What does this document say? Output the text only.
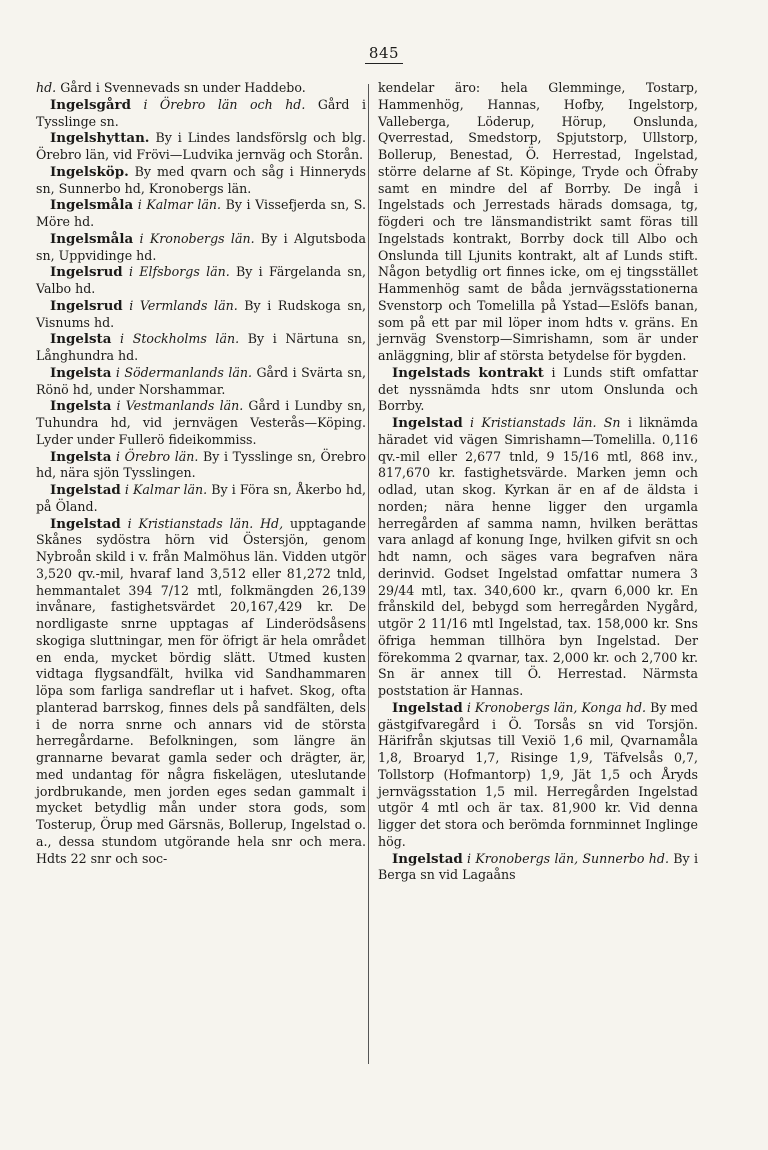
845

hd. Gård i Svennevads sn under Haddebo.

Ingelsgård i Örebro län och hd. Gård i Tysslinge sn.

Ingelshyttan. By i Lindes landsförslg och blg. Örebro län, vid Frövi—Ludvika jernväg och Storån.

Ingelsköp. By med qvarn och såg i Hinneryds sn, Sunnerbo hd, Kronobergs län.

Ingelsmåla i Kalmar län. By i Vissefjerda sn, S. Möre hd.

Ingelsmåla i Kronobergs län. By i Algutsboda sn, Uppvidinge hd.

Ingelsrud i Elfsborgs län. By i Färgelanda sn, Valbo hd.

Ingelsrud i Vermlands län. By i Rudskoga sn, Visnums hd.

Ingelsta i Stockholms län. By i Närtuna sn, Långhundra hd.

Ingelsta i Södermanlands län. Gård i Svärta sn, Rönö hd, under Norshammar.

Ingelsta i Vestmanlands län. Gård i Lundby sn, Tuhundra hd, vid jernvägen Vesterås—Köping. Lyder under Fullerö fideikommiss.

Ingelsta i Örebro län. By i Tysslinge sn, Örebro hd, nära sjön Tysslingen.

Ingelstad i Kalmar län. By i Föra sn, Åkerbo hd, på Öland.

Ingelstad i Kristianstads län. Hd, upptagande Skånes sydöstra hörn vid Östersjön, genom Nybroån skild i v. från Malmöhus län. Vidden utgör 3,520 qv.-mil, hvaraf land 3,512 eller 81,272 tnld, hemmantalet 394 7/12 mtl, folkmängden 26,139 invånare, fastighetsvärdet 20,167,429 kr. De nordligaste snrne upptagas af Linderödsåsens skogiga sluttningar, men för öfrigt är hela området en enda, mycket bördig slätt. Utmed kusten vidtaga flygsandfält, hvilka vid Sandhammaren löpa som farliga sandreflar ut i hafvet. Skog, ofta planterad barrskog, finnes dels på sandfälten, dels i de norra snrne och annars vid de största herregårdarne. Befolkningen, som längre än grannarne bevarat gamla seder och drägter, är, med undantag för några fiskelägen, uteslutande jordbrukande, men jorden eges sedan gammalt i mycket betydlig mån under stora gods, som Tosterup, Örup med Gärsnäs, Bollerup, Ingelstad o. a., dessa stundom utgörande hela snr och mera. Hdts 22 snr och soc-

kendelar äro: hela Glemminge, Tostarp, Hammenhög, Hannas, Hofby, Ingelstorp, Valleberga, Löderup, Hörup, Onslunda, Qverrestad, Smedstorp, Spjutstorp, Ullstorp, Bollerup, Benestad, Ö. Herrestad, Ingelstad, större delarne af St. Köpinge, Tryde och Öfraby samt en mindre del af Borrby. De ingå i Ingelstads och Jerrestads härads domsaga, tg, fögderi och tre länsmandistrikt samt föras till Ingelstads kontrakt, Borrby dock till Albo och Onslunda till Ljunits kontrakt, alt af Lunds stift. Någon betydlig ort finnes icke, om ej tingsstället Hammenhög samt de båda jernvägsstationerna Svenstorp och Tomelilla på Ystad—Eslöfs banan, som på ett par mil löper inom hdts v. gräns. En jernväg Svenstorp—Simrishamn, som är under anläggning, blir af största betydelse för bygden.

Ingelstads kontrakt i Lunds stift omfattar det nyssnämda hdts snr utom Onslunda och Borrby.

Ingelstad i Kristianstads län. Sn i liknämda häradet vid vägen Simrishamn—Tomelilla. 0,116 qv.-mil eller 2,677 tnld, 9 15/16 mtl, 868 inv., 817,670 kr. fastighetsvärde. Marken jemn och odlad, utan skog. Kyrkan är en af de äldsta i norden; nära henne ligger den urgamla herregården af samma namn, hvilken berättas vara anlagd af konung Inge, hvilken gifvit sn och hdt namn, och säges vara begrafven nära derinvid. Godset Ingelstad omfattar numera 3 29/44 mtl, tax. 340,600 kr., qvarn 6,000 kr. En frånskild del, bebygd som herregården Nygård, utgör 2 11/16 mtl Ingelstad, tax. 158,000 kr. Sns öfriga hemman tillhöra byn Ingelstad. Der förekomma 2 qvarnar, tax. 2,000 kr. och 2,700 kr. Sn är annex till Ö. Herrestad. Närmsta poststation är Hannas.

Ingelstad i Kronobergs län, Konga hd. By med gästgifvaregård i Ö. Torsås sn vid Torsjön. Härifrån skjutsas till Vexiö 1,6 mil, Qvarnamåla 1,8, Broaryd 1,7, Risinge 1,9, Täfvelsås 0,7, Tollstorp (Hofmantorp) 1,9, Jät 1,5 och Åryds jernvägsstation 1,5 mil. Herregården Ingelstad utgör 4 mtl och är tax. 81,900 kr. Vid denna ligger det stora och berömda fornminnet Inglinge hög.

Ingelstad i Kronobergs län, Sunnerbo hd. By i Berga sn vid Lagaåns
